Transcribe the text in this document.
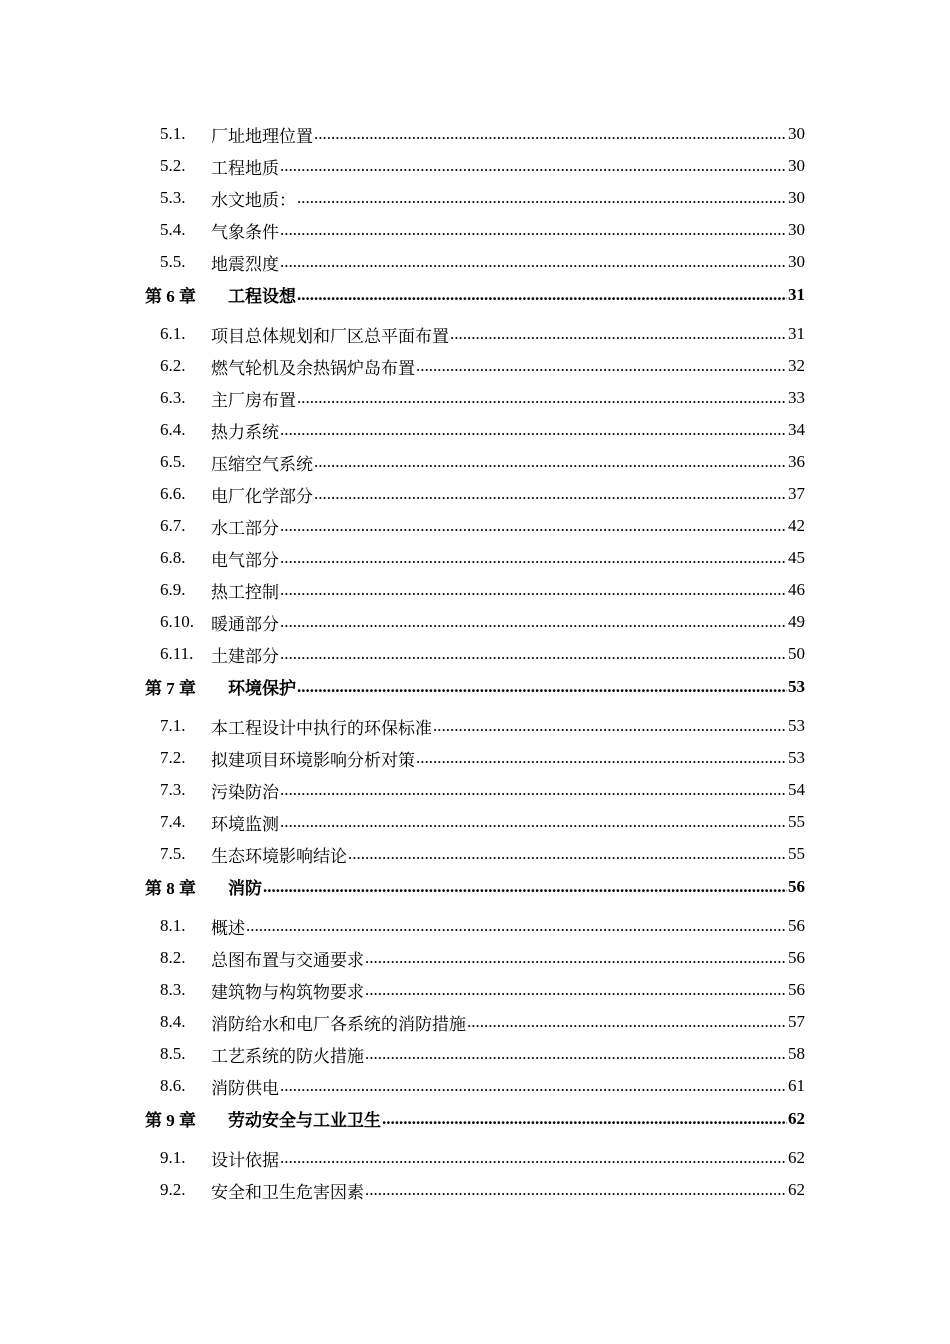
5.1.	厂址地理位置 .....	30
5.2.	工程地质 .....	30
5.3.	水文地质： .....	30
5.4.	气象条件 .....	30
5.5.	地震烈度 .....	30
第 6 章	工程设想 .....	31
6.1.	项目总体规划和厂区总平面布置 .....	31
6.2.	燃气轮机及余热锅炉岛布置 .....	32
6.3.	主厂房布置 .....	33
6.4.	热力系统 .....	34
6.5.	压缩空气系统 .....	36
6.6.	电厂化学部分 .....	37
6.7.	水工部分 .....	42
6.8.	电气部分 .....	45
6.9.	热工控制 .....	46
6.10.	暖通部分 .....	49
6.11.	土建部分 .....	50
第 7 章	环境保护 .....	53
7.1.	本工程设计中执行的环保标准 .....	53
7.2.	拟建项目环境影响分析对策 .....	53
7.3.	污染防治 .....	54
7.4.	环境监测 .....	55
7.5.	生态环境影响结论 .....	55
第 8 章	消防 .....	56
8.1.	概述 .....	56
8.2.	总图布置与交通要求 .....	56
8.3.	建筑物与构筑物要求 .....	56
8.4.	消防给水和电厂各系统的消防措施 .....	57
8.5.	工艺系统的防火措施 .....	58
8.6.	消防供电 .....	61
第 9 章	劳动安全与工业卫生 .....	62
9.1.	设计依据 .....	62
9.2.	安全和卫生危害因素 .....	62
